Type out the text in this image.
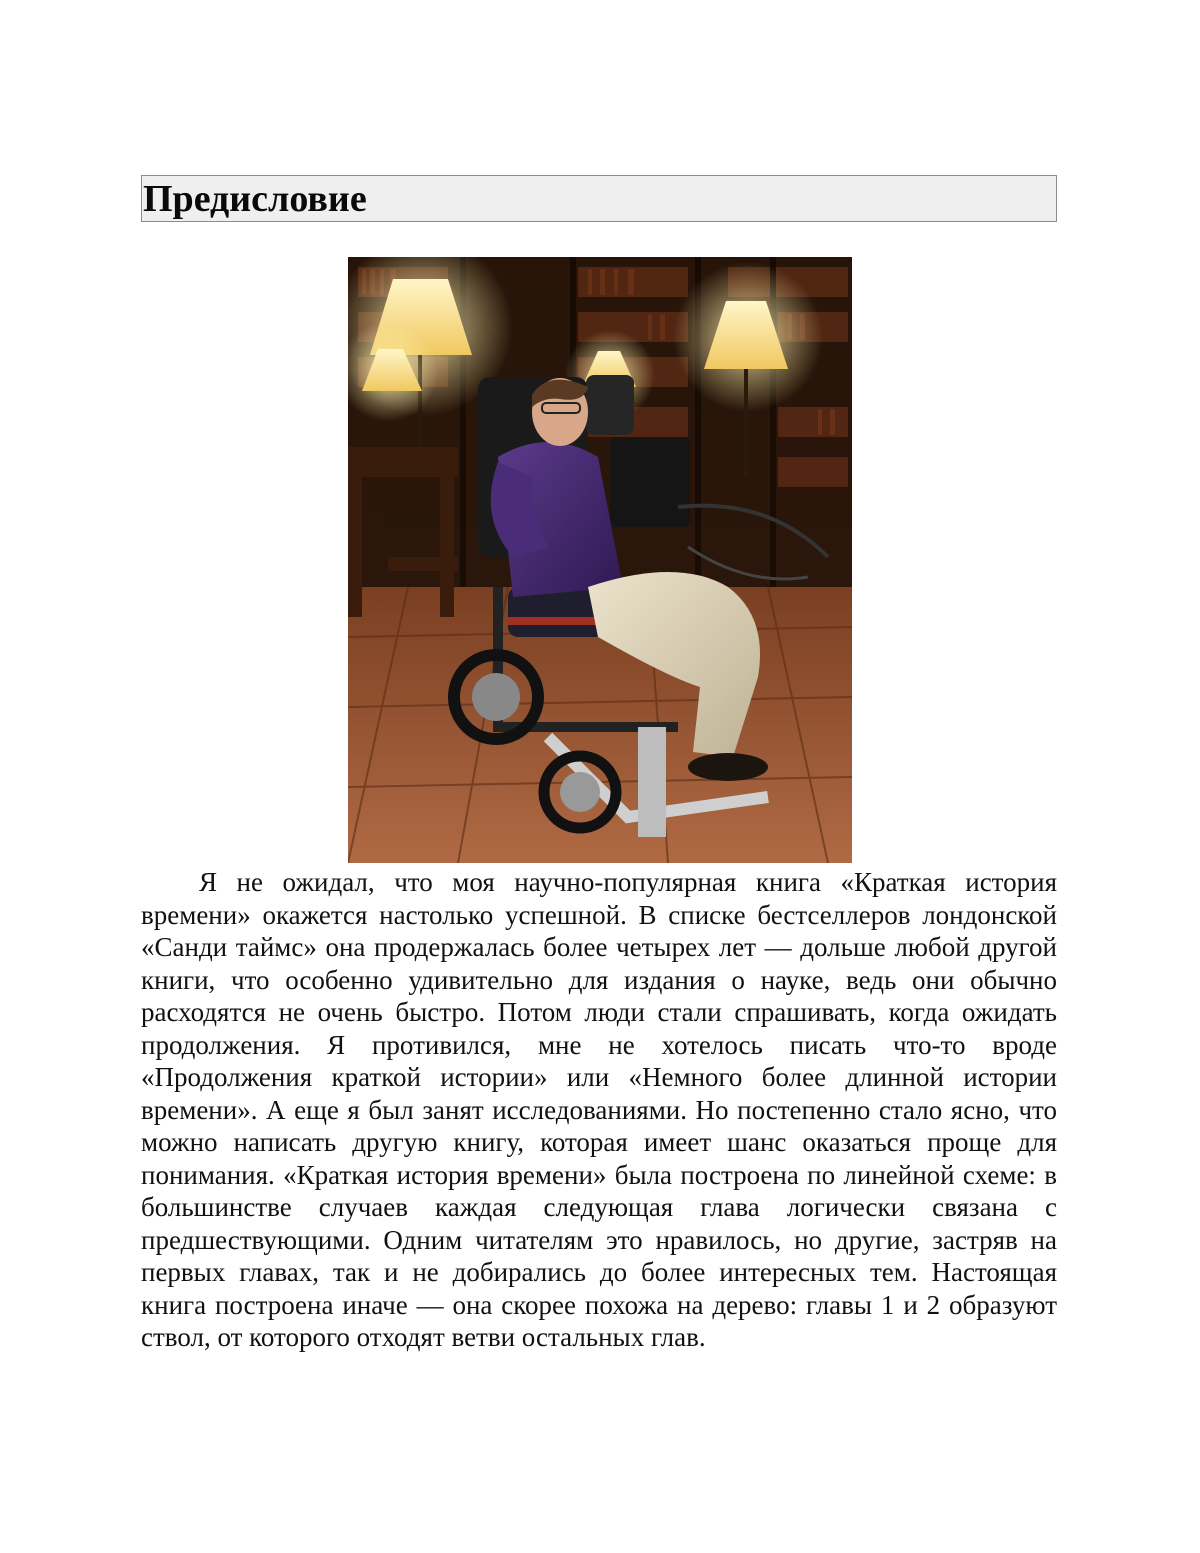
Предисловие

Я не ожидал, что моя научно-популярная книга «Краткая история времени» окажется настолько успешной. В списке бестселлеров лондонской «Санди таймс» она продержалась более четырех лет — дольше любой другой книги, что особенно удивительно для издания о науке, ведь они обычно расходятся не очень быстро. Потом люди стали спрашивать, когда ожидать продолжения. Я противился, мне не хотелось писать что-то вроде «Продолжения краткой истории» или «Немного более длинной истории времени». А еще я был занят исследованиями. Но постепенно стало ясно, что можно написать другую книгу, которая имеет шанс оказаться проще для понимания. «Краткая история времени» была построена по линейной схеме: в большинстве случаев каждая следующая глава логически связана с предшествующими. Одним читателям это нравилось, но другие, застряв на первых главах, так и не добирались до более интересных тем. Настоящая книга построена иначе — она скорее похожа на дерево: главы 1 и 2 образуют ствол, от которого отходят ветви остальных глав.
